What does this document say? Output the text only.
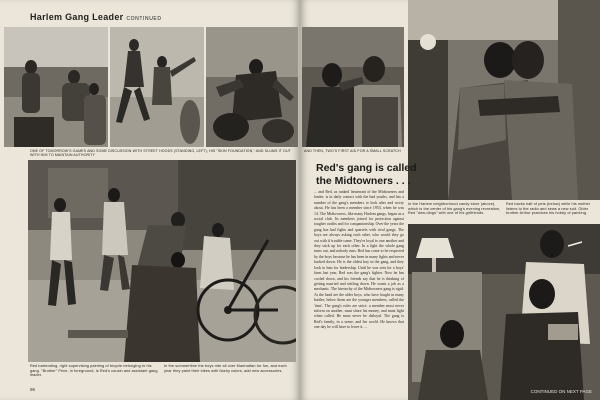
Harlem Gang Leader CONTINUED
ONE OF TOMORROW'S GAMES AND SOME DISCUSSION WITH STREET HOODS (STANDING, LEFT), HIS "SKIN FOUNDATION," AND SLUMS IT OUT WITH HIM TO MAINTAIN AUTHORITY
Red bartending, right supervising painting of bicycle belonging to his gang. "Brother" Price, in foreground, is Red's cousin and assistant gang leader.
In the summertime the boys ride all over Manhattan for fun, and each year they paint their bikes with flashy colors, add new accessories.
96
AND THEN, TWO'S FIRST AID FOR A SMALL SCRATCH
Red's gang is called
the Midtowners . . .

... and Red, as ranked lieutenant of the Midtowners and leader, is in daily contact with the bad youths, and has a number of the gang's members to look after and worry about. He has been a member since 1953, when he was 14. The Midtowners, like many Harlem gangs, began as a social club. Its members joined for protection against tougher outfits and for companionship. Over the years the gang has had fights and quarrels with rival gangs. The boys are always asking each other, who would they go out with if trouble came. They're loyal to one another and they stick up for each other. In a fight the whole gang turns out, and nobody runs. Red has come to be respected by the boys because he has been in many fights and never backed down. He is the oldest boy in the gang, and they look to him for leadership. Until he was sent for a boys' farm last year, Red was the gang's fighter. Now he has cooled down, and his friends say that he is thinking of getting married and settling down. He wants a job as a mechanic. The hierarchy of the Midtowners gang is rigid. At the head are the older boys, who have fought in many battles; below them are the younger members, called the 'tims'. The gang's rules are strict: a member must never inform on another, must share his money, and must fight when called. He must never be disloyal. The gang is Red's family, in a sense, and his world. He knows that one day he will have to leave it. ...

In the Harlem neighborhood candy store (above), which is the center of his gang's evening recreation, Red "dow-dings" with one of his girlfriends.
Red backs half of pets (below) while his mother listens to the radio and sews a new suit. Older brother Arthur practices his hobby of painting.
CONTINUED ON NEXT PAGE
